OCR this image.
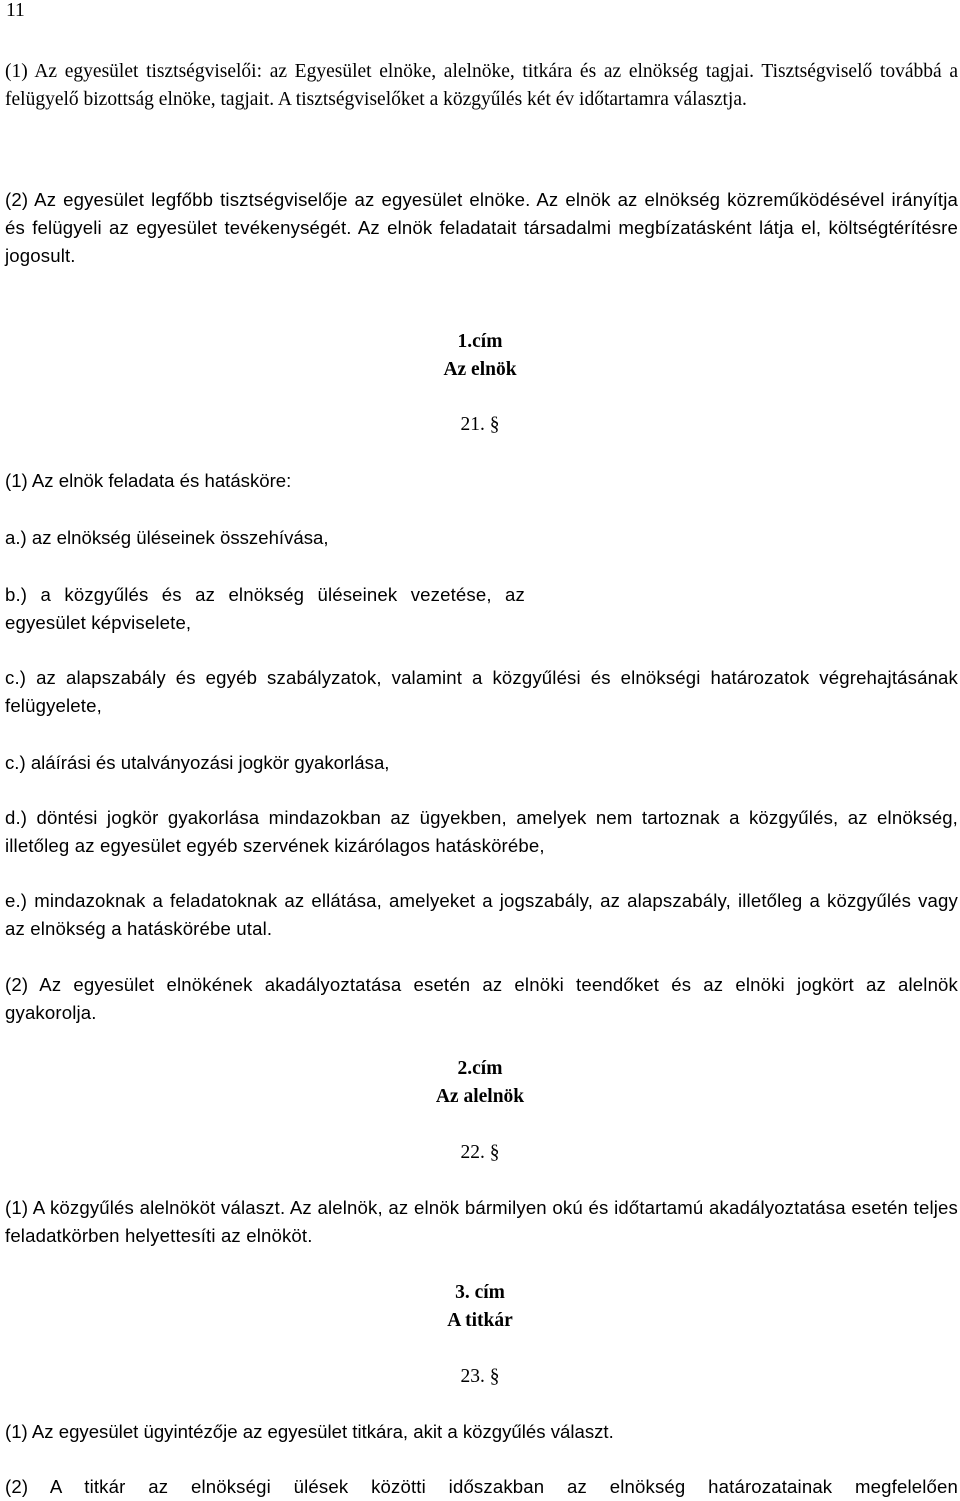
11

(1) Az egyesület tisztségviselői: az Egyesület elnöke, alelnöke, titkára és az elnökség tagjai. Tisztségviselő továbbá a felügyelő bizottság elnöke, tagjait. A tisztségviselőket a közgyűlés két év időtartamra választja.

(2) Az egyesület legfőbb tisztségviselője az egyesület elnöke. Az elnök az elnökség közreműködésével irányítja és felügyeli az egyesület tevékenységét. Az elnök feladatait társadalmi megbízatásként látja el, költségtérítésre jogosult.

1.cím
Az elnök
21. §

(1) Az elnök feladata és hatásköre:

a.) az elnökség üléseinek összehívása,

b.) a közgyűlés és az elnökség üléseinek vezetése, az egyesület képviselete,

c.) az alapszabály és egyéb szabályzatok, valamint a közgyűlési és elnökségi határozatok végrehajtásának felügyelete,

c.) aláírási és utalványozási jogkör gyakorlása,

d.) döntési jogkör gyakorlása mindazokban az ügyekben, amelyek nem tartoznak a közgyűlés, az elnökség, illetőleg az egyesület egyéb szervének kizárólagos hatáskörébe,

e.) mindazoknak a feladatoknak az ellátása, amelyeket a jogszabály, az alapszabály, illetőleg a közgyűlés vagy az elnökség a hatáskörébe utal.

(2) Az egyesület elnökének akadályoztatása esetén az elnöki teendőket és az elnöki jogkört az alelnök gyakorolja.

2.cím
Az alelnök
22. §

(1) A közgyűlés alelnököt választ. Az alelnök, az elnök bármilyen okú és időtartamú akadályoztatása esetén teljes feladatkörben helyettesíti az elnököt.

3. cím
A titkár
23. §

(1) Az egyesület ügyintézője az egyesület titkára, akit a közgyűlés választ.

(2) A titkár az elnökségi ülések közötti időszakban az elnökség határozatainak megfelelően
